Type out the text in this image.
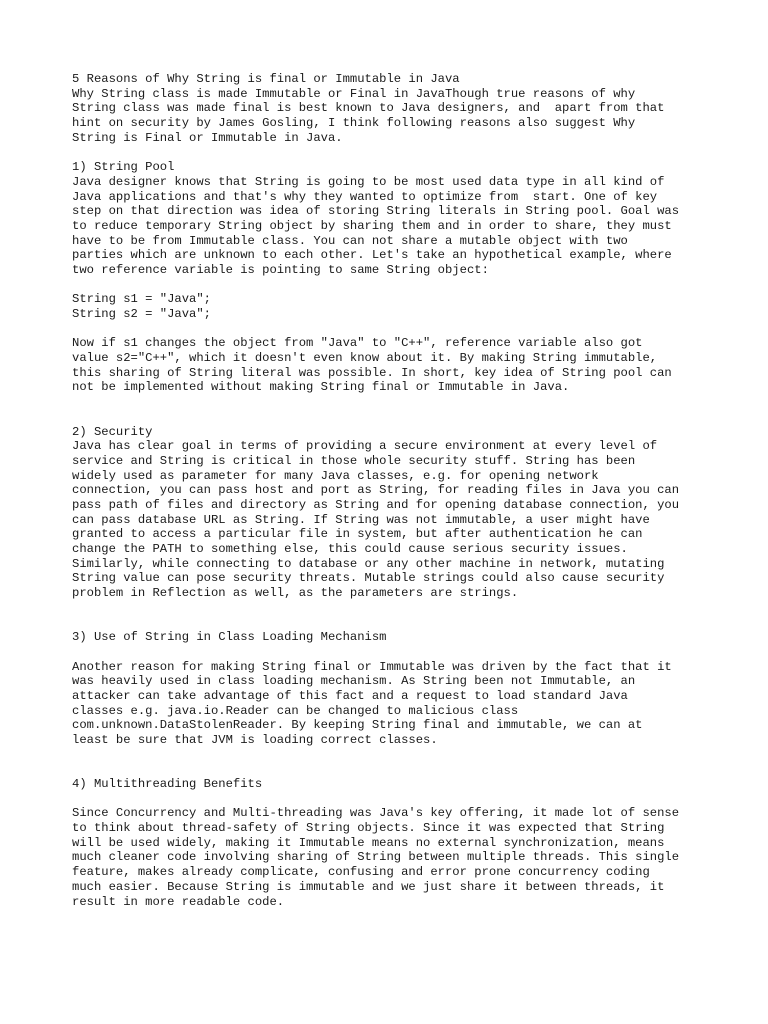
5 Reasons of Why String is final or Immutable in Java
Why String class is made Immutable or Final in JavaThough true reasons of why
String class was made final is best known to Java designers, and  apart from that
hint on security by James Gosling, I think following reasons also suggest Why
String is Final or Immutable in Java.
1) String Pool
Java designer knows that String is going to be most used data type in all kind of
Java applications and that's why they wanted to optimize from  start. One of key
step on that direction was idea of storing String literals in String pool. Goal was
to reduce temporary String object by sharing them and in order to share, they must
have to be from Immutable class. You can not share a mutable object with two
parties which are unknown to each other. Let's take an hypothetical example, where
two reference variable is pointing to same String object:
String s1 = "Java";
String s2 = "Java";
Now if s1 changes the object from "Java" to "C++", reference variable also got
value s2="C++", which it doesn't even know about it. By making String immutable,
this sharing of String literal was possible. In short, key idea of String pool can
not be implemented without making String final or Immutable in Java.
2) Security
Java has clear goal in terms of providing a secure environment at every level of
service and String is critical in those whole security stuff. String has been
widely used as parameter for many Java classes, e.g. for opening network
connection, you can pass host and port as String, for reading files in Java you can
pass path of files and directory as String and for opening database connection, you
can pass database URL as String. If String was not immutable, a user might have
granted to access a particular file in system, but after authentication he can
change the PATH to something else, this could cause serious security issues.
Similarly, while connecting to database or any other machine in network, mutating
String value can pose security threats. Mutable strings could also cause security
problem in Reflection as well, as the parameters are strings.
3) Use of String in Class Loading Mechanism
Another reason for making String final or Immutable was driven by the fact that it
was heavily used in class loading mechanism. As String been not Immutable, an
attacker can take advantage of this fact and a request to load standard Java
classes e.g. java.io.Reader can be changed to malicious class
com.unknown.DataStolenReader. By keeping String final and immutable, we can at
least be sure that JVM is loading correct classes.
4) Multithreading Benefits
Since Concurrency and Multi-threading was Java's key offering, it made lot of sense
to think about thread-safety of String objects. Since it was expected that String
will be used widely, making it Immutable means no external synchronization, means
much cleaner code involving sharing of String between multiple threads. This single
feature, makes already complicate, confusing and error prone concurrency coding
much easier. Because String is immutable and we just share it between threads, it
result in more readable code.
